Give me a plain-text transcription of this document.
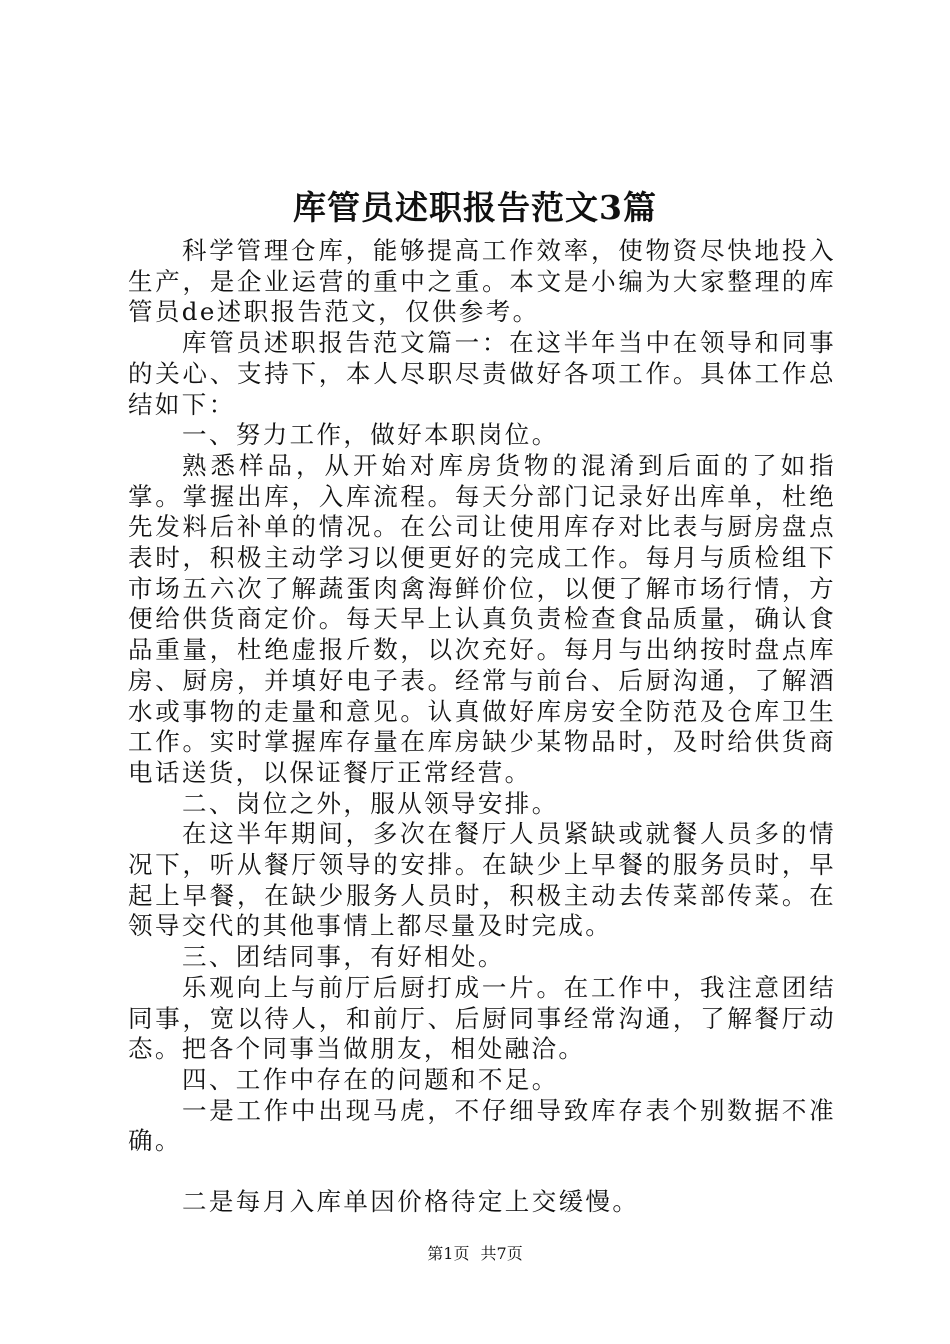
库管员述职报告范文3篇

科学管理仓库，能够提高工作效率，使物资尽快地投入生产，是企业运营的重中之重。本文是小编为大家整理的库管员de述职报告范文，仅供参考。

库管员述职报告范文篇一：在这半年当中在领导和同事的关心、支持下，本人尽职尽责做好各项工作。具体工作总结如下：

一、努力工作，做好本职岗位。

熟悉样品，从开始对库房货物的混淆到后面的了如指掌。掌握出库，入库流程。每天分部门记录好出库单，杜绝先发料后补单的情况。在公司让使用库存对比表与厨房盘点表时，积极主动学习以便更好的完成工作。每月与质检组下市场五六次了解蔬蛋肉禽海鲜价位，以便了解市场行情，方便给供货商定价。每天早上认真负责检查食品质量，确认食品重量，杜绝虚报斤数，以次充好。每月与出纳按时盘点库房、厨房，并填好电子表。经常与前台、后厨沟通，了解酒水或事物的走量和意见。认真做好库房安全防范及仓库卫生工作。实时掌握库存量在库房缺少某物品时，及时给供货商电话送货，以保证餐厅正常经营。

二、岗位之外，服从领导安排。

在这半年期间，多次在餐厅人员紧缺或就餐人员多的情况下，听从餐厅领导的安排。在缺少上早餐的服务员时，早起上早餐，在缺少服务人员时，积极主动去传菜部传菜。在领导交代的其他事情上都尽量及时完成。

三、团结同事，有好相处。

乐观向上与前厅后厨打成一片。在工作中，我注意团结同事，宽以待人，和前厅、后厨同事经常沟通，了解餐厅动态。把各个同事当做朋友，相处融洽。

四、工作中存在的问题和不足。

一是工作中出现马虎，不仔细导致库存表个别数据不准确。

二是每月入库单因价格待定上交缓慢。

第1页 共7页
